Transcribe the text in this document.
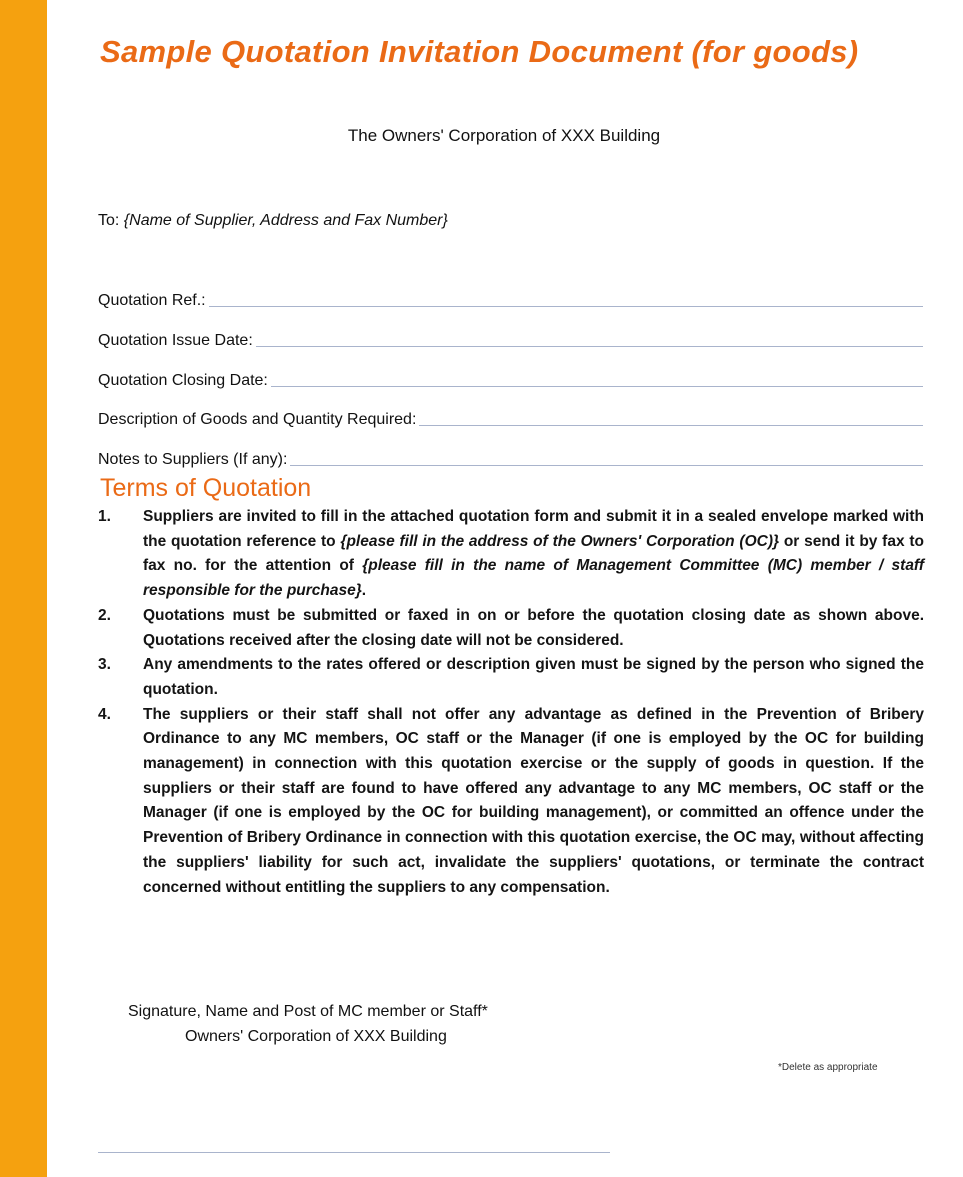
Sample Quotation Invitation Document (for goods)
The Owners' Corporation of XXX Building
To: {Name of Supplier, Address and Fax Number}
Quotation Ref.:
Quotation Issue Date:
Quotation Closing Date:
Description of Goods and Quantity Required:
Notes to Suppliers (If any):
Terms of Quotation
1. Suppliers are invited to fill in the attached quotation form and submit it in a sealed envelope marked with the quotation reference to {please fill in the address of the Owners' Corporation (OC)} or send it by fax to fax no. for the attention of {please fill in the name of Management Committee (MC) member / staff responsible for the purchase}.
2. Quotations must be submitted or faxed in on or before the quotation closing date as shown above. Quotations received after the closing date will not be considered.
3. Any amendments to the rates offered or description given must be signed by the person who signed the quotation.
4. The suppliers or their staff shall not offer any advantage as defined in the Prevention of Bribery Ordinance to any MC members, OC staff or the Manager (if one is employed by the OC for building management) in connection with this quotation exercise or the supply of goods in question. If the suppliers or their staff are found to have offered any advantage to any MC members, OC staff or the Manager (if one is employed by the OC for building management), or committed an offence under the Prevention of Bribery Ordinance in connection with this quotation exercise, the OC may, without affecting the suppliers' liability for such act, invalidate the suppliers' quotations, or terminate the contract concerned without entitling the suppliers to any compensation.
Signature, Name and Post of MC member or Staff*
Owners' Corporation of XXX Building
*Delete as appropriate
